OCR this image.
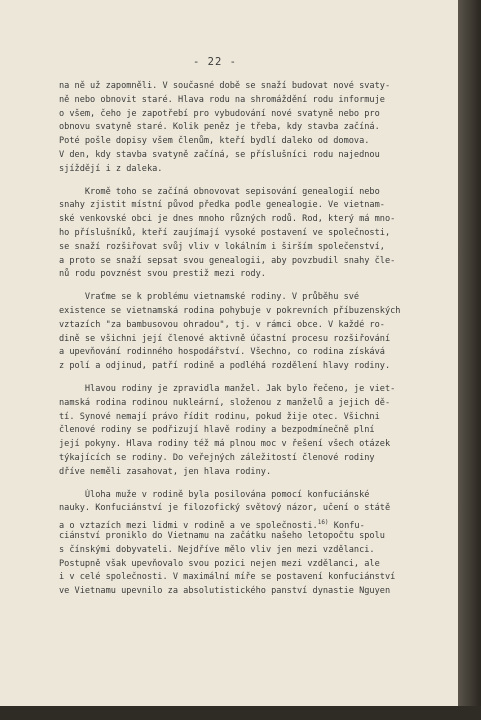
- 22 -
na ně už zapomněli. V současné době se snaží budovat nové svaty-
ně nebo obnovit staré. Hlava rodu na shromáždění rodu informuje
o všem, čeho je zapotřebí pro vybudování nové svatyně nebo pro
obnovu svatyně staré. Kolik peněz je třeba, kdy stavba začíná.
Poté pošle dopisy všem členům, kteří bydlí daleko od domova.
V den, kdy stavba svatyně začíná, se příslušníci rodu najednou
sjíždějí i z daleka.
Kromě toho se začíná obnovovat sepisování genealogií nebo
snahy zjistit místní původ předka podle genealogie. Ve vietnam-
ské venkovské obci je dnes mnoho různých rodů. Rod, který má mno-
ho příslušníků, kteří zaujímají vysoké postavení ve společnosti,
se snaží rozšiřovat svůj vliv v lokálním i širším společenství,
a proto se snaží sepsat svou genealogii, aby povzbudil snahy čle-
nů rodu povznést svou prestiž mezi rody.
Vraťme se k problému vietnamské rodiny. V průběhu své
existence se vietnamská rodina pohybuje v pokrevních příbuzenských
vztazích "za bambusovou ohradou", tj. v rámci obce. V každé ro-
dině se všichni její členové aktivně účastní procesu rozšiřování
a upevňování rodinného hospodářství. Všechno, co rodina získává
z polí a odjinud, patří rodině a podléhá rozdělení hlavy rodiny.
Hlavou rodiny je zpravidla manžel. Jak bylo řečeno, je viet-
namská rodina rodinou nukleární, složenou z manželů a jejich dě-
tí. Synové nemají právo řídit rodinu, pokud žije otec. Všichni
členové rodiny se podřizují hlavě rodiny a bezpodmínečně plní
její pokyny. Hlava rodiny též má plnou moc v řešení všech otázek
týkajících se rodiny. Do veřejných záležitostí členové rodiny
dříve neměli zasahovat, jen hlava rodiny.
Úloha muže v rodině byla posilována pomocí konfuciánské
nauky. Konfuciánství je filozofický světový názor, učení o státě
a o vztazích mezi lidmi v rodině a ve společnosti.$^{16)}$ Konfu-
ciánství proniklo do Vietnamu na začátku našeho letopočtu spolu
s čínskými dobyvateli. Nejdříve mělo vliv jen mezi vzdělanci.
Postupně však upevňovalo svou pozici nejen mezi vzdělanci, ale
i v celé společnosti. V maximální míře se postavení konfuciánství
ve Vietnamu upevnilo za absolutistického panství dynastie Nguyen
